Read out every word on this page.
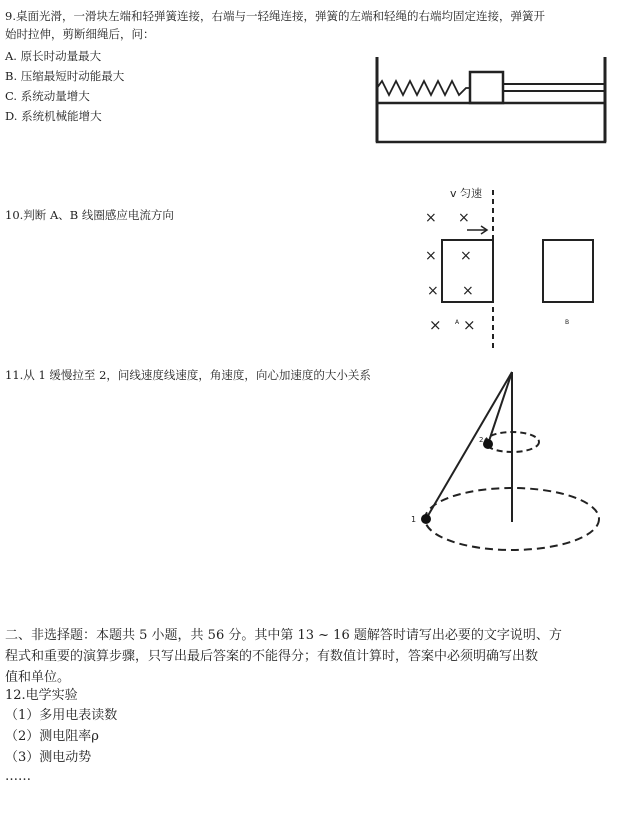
9.桌面光滑，一滑块左端和轻弹簧连接，右端与一轻绳连接，弹簧的左端和轻绳的右端均固定连接，弹簧开
始时拉伸，剪断细绳后，问：
A. 原长时动量最大
B. 压缩最短时动能最大
C. 系统动量增大
D. 系统机械能增大
10.判断 A、B 线圈感应电流方向
v 匀速
× ×
× ×
× ×
× ×
A	B
11.从 1 缓慢拉至 2，问线速度线速度，角速度，向心加速度的大小关系
2
1
二、非选择题：本题共 5 小题，共 56 分。其中第 13 ~ 16 题解答时请写出必要的文字说明、方
程式和重要的演算步骤，只写出最后答案的不能得分；有数值计算时，答案中必须明确写出数
值和单位。
12.电学实验
（1）多用电表读数
（2）测电阻率ρ
（3）测电动势
……
